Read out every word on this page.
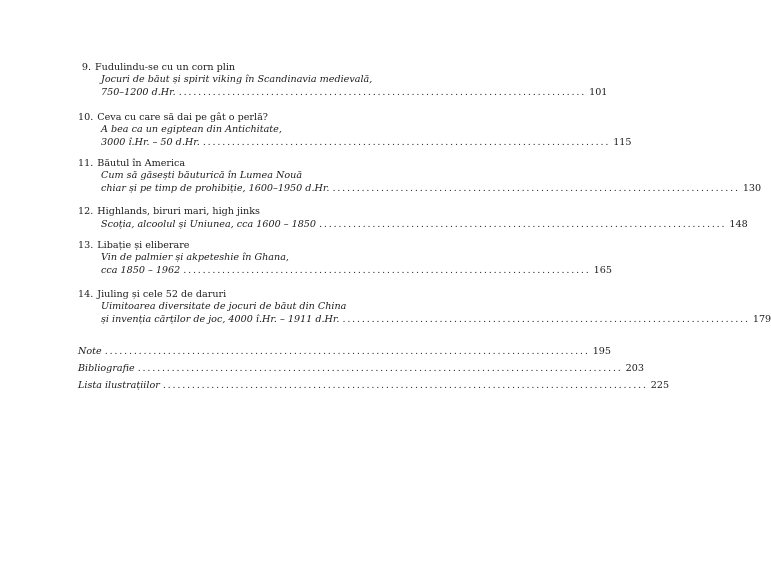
9. Fudulindu-se cu un corn plin
Jocuri de băut și spirit viking în Scandinavia medievală,
750–1200 d.Hr. .................................................................................... 101
10. Ceva cu care să dai pe gât o perlă?
A bea ca un egiptean din Antichitate,
3000 î.Hr. – 50 d.Hr. .................................................................................... 115
11. Băutul în America
Cum să găsești băuturică în Lumea Nouă
chiar și pe timp de prohibiție, 1600–1950 d.Hr. .................................................................................... 130
12. Highlands, biruri mari, high jinks
Scoția, alcoolul și Uniunea, cca 1600 – 1850 .................................................................................... 148
13. Libație și eliberare
Vin de palmier și akpeteshie în Ghana,
cca 1850 – 1962 .................................................................................... 165
14. Jiuling și cele 52 de daruri
Uimitoarea diversitate de jocuri de băut din China
și invenția cărților de joc, 4000 î.Hr. – 1911 d.Hr. .................................................................................... 179
Note .................................................................................................... 195
Bibliografie .................................................................................................... 203
Lista ilustrațiilor .................................................................................................... 225
